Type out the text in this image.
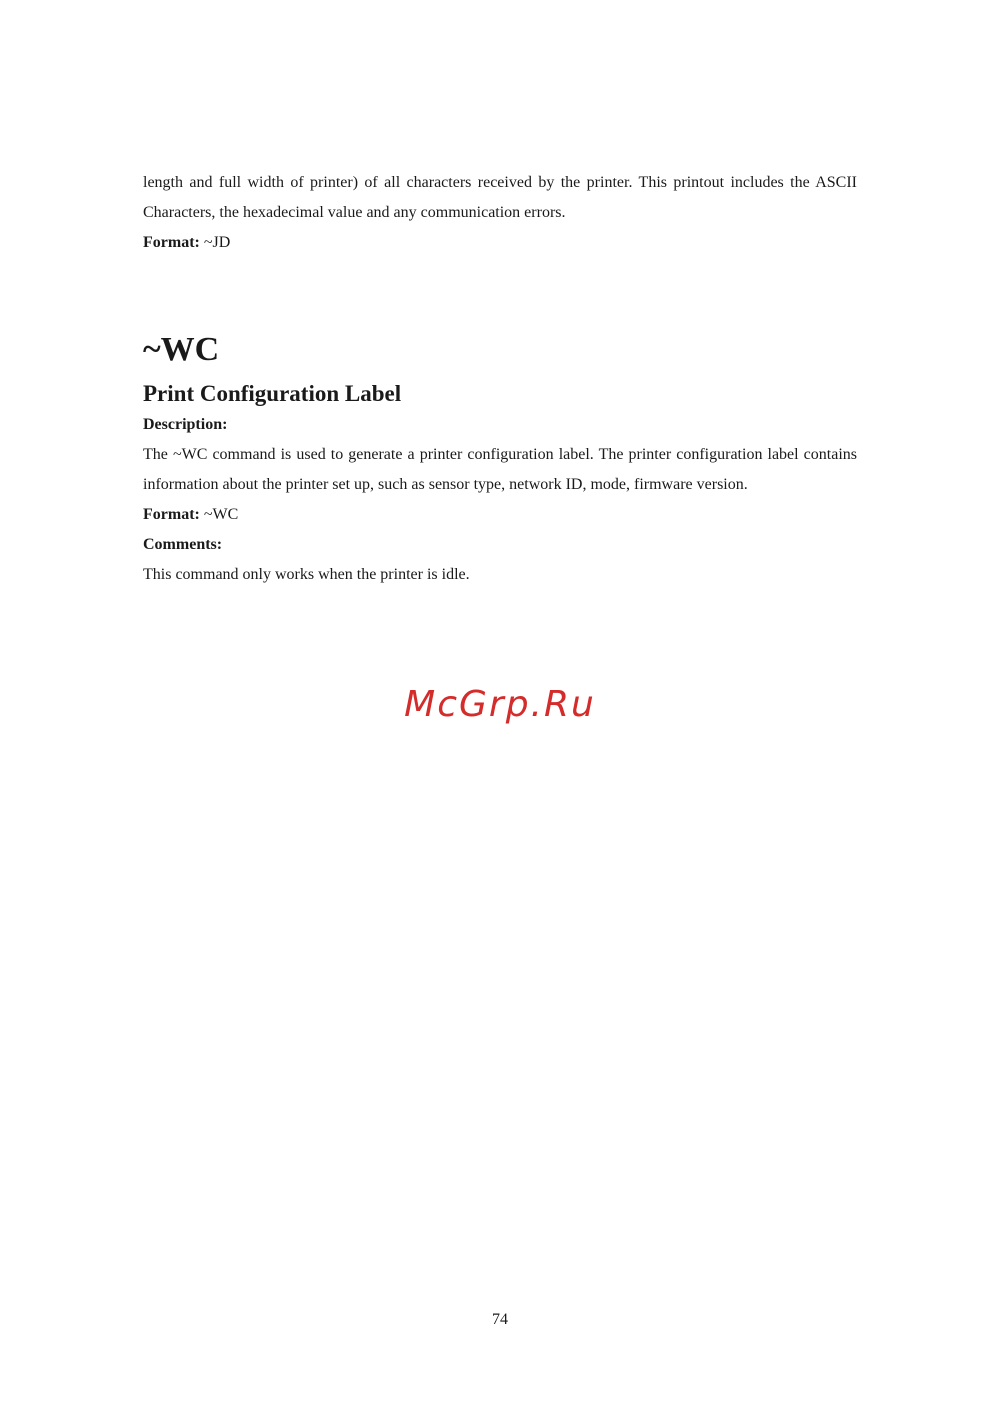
length and full width of printer) of all characters received by the printer. This printout includes the ASCII Characters, the hexadecimal value and any communication errors.

Format: ~JD

~WC
Print Configuration Label

Description:

The ~WC command is used to generate a printer configuration label. The printer configuration label contains information about the printer set up, such as sensor type, network ID, mode, firmware version.

Format: ~WC

Comments:

This command only works when the printer is idle.

McGrp.Ru
74
